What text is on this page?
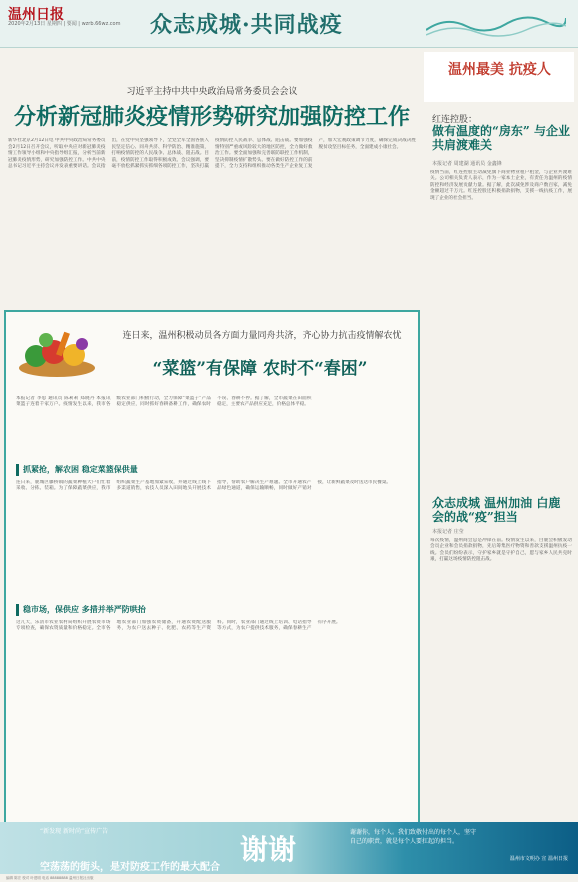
温州日报
2020年2月13日 星期四 | 要闻 | wzrb.66wz.com	众志成城·共同战疫
习近平主持中共中央政治局常务委员会会议
分析新冠肺炎疫情形势研究加强防控工作
新华社北京2月12日电 中共中央政治局常务委员会2月12日召开会议，听取中央应对新冠肺炎疫情工作领导小组和中央指导组汇报，分析当前新冠肺炎疫情形势，研究加强防控工作。中共中央总书记习近平主持会议并发表重要讲话。会议指出，在党中央坚强领导下，全党全军全国各族人民坚定信心、同舟共济、科学防治、精准施策，打响疫情防控的人民战争、总体战、阻击战。目前，疫情防控工作取得积极成效。会议强调，要毫不放松抓紧抓实抓细各项防控工作，坚决打赢疫情防控人民战争、总体战、阻击战。要加强疫情特别严重或风险较大的地区防控，全力做好救治工作。要全面加强和完善联防联控工作机制，坚决抑制疫情扩散势头。要在做好防控工作的前提下，全力支持和组织推动各类生产企业复工复产，加大宏观政策调节力度，确保完成决战决胜脱贫攻坚目标任务，全面建成小康社会。
连日来，温州积极动员各方面力量同舟共济，齐心协力抗击疫情解农忧
“菜篮”有保障 农时不“春困”
本报记者 李思 通讯员 陈莉莉 郑晓丹 本报讯 菜篮子连着千家万户。疫情发生以来，我市各级农业部门积极行动，全力保障“菜篮子”产品稳定供应，同时抓好春耕备耕工作，确保农时不误、春耕不停。据了解，全市蔬菜在田面积稳定，主要农产品供应充足，价格总体平稳。
抓紧抢，解农困 稳定菜篮保供量
连日来，鹿城区藤桥镇的蔬菜种植大户们忙着采收、分拣、装箱。为了保障蔬菜供应，我市组织蔬菜生产基地加紧采收，并通过线上线下多渠道销售，农技人员深入田间地头开展技术指导，帮助农户解决生产难题。全市开通农产品绿色通道，确保运输顺畅，同时做好产销对接，让新鲜蔬菜及时送达市民餐桌。
稳市场，保供应 多措并举严防哄抬
这几天，乐清市农业农村局组织开展农资市场专项检查，确保农资质量和价格稳定。全市各地农业部门加强农资储备，开通农资配送服务，为农户送去种子、化肥、农药等生产资料。同时，农业部门通过线上培训、电话指导等方式，为农户提供技术服务，确保春耕生产有序开展。
温州最美 抗疫人
红连控股：
做有温度的“房东” 与企业共肩渡难关
本报记者 周建湖 通讯员 金鑫锋
疫情当前，红连控股主动减免旗下商业物业租户租金，与企业共渡难关。公司相关负责人表示，作为一家本土企业，有责任为温州的疫情防控和经济发展贡献力量。据了解，此次减免涉及商户数百家，减免金额超过千万元。红连控股还积极捐款捐物，支援一线抗疫工作，展现了企业的社会担当。
众志成城 温州加油 白鹿会的战“疫”担当
本报记者 庄莹
每次疫情，温州商会总是冲锋在前。疫情发生以来，白鹿会积极发动会员企业和会员捐款捐物，先后筹集医疗物资和善款支援温州抗疫一线。会员们纷纷表示，守护家乡就是守护自己，愿与家乡人民共克时艰，打赢这场疫情防控阻击战。
“新发现 新时尚”宣传广告
空荡荡的街头，是对防疫工作的最大配合
谢谢
谢谢你，每个人。我们致敬付出的每个人，坚守自己的职责，就是每个人要扛起的担当。
温州市文明办 宣 温州日报
编辑 陈宏 校对 叶建明 电话 88888888 温州日报社出版
